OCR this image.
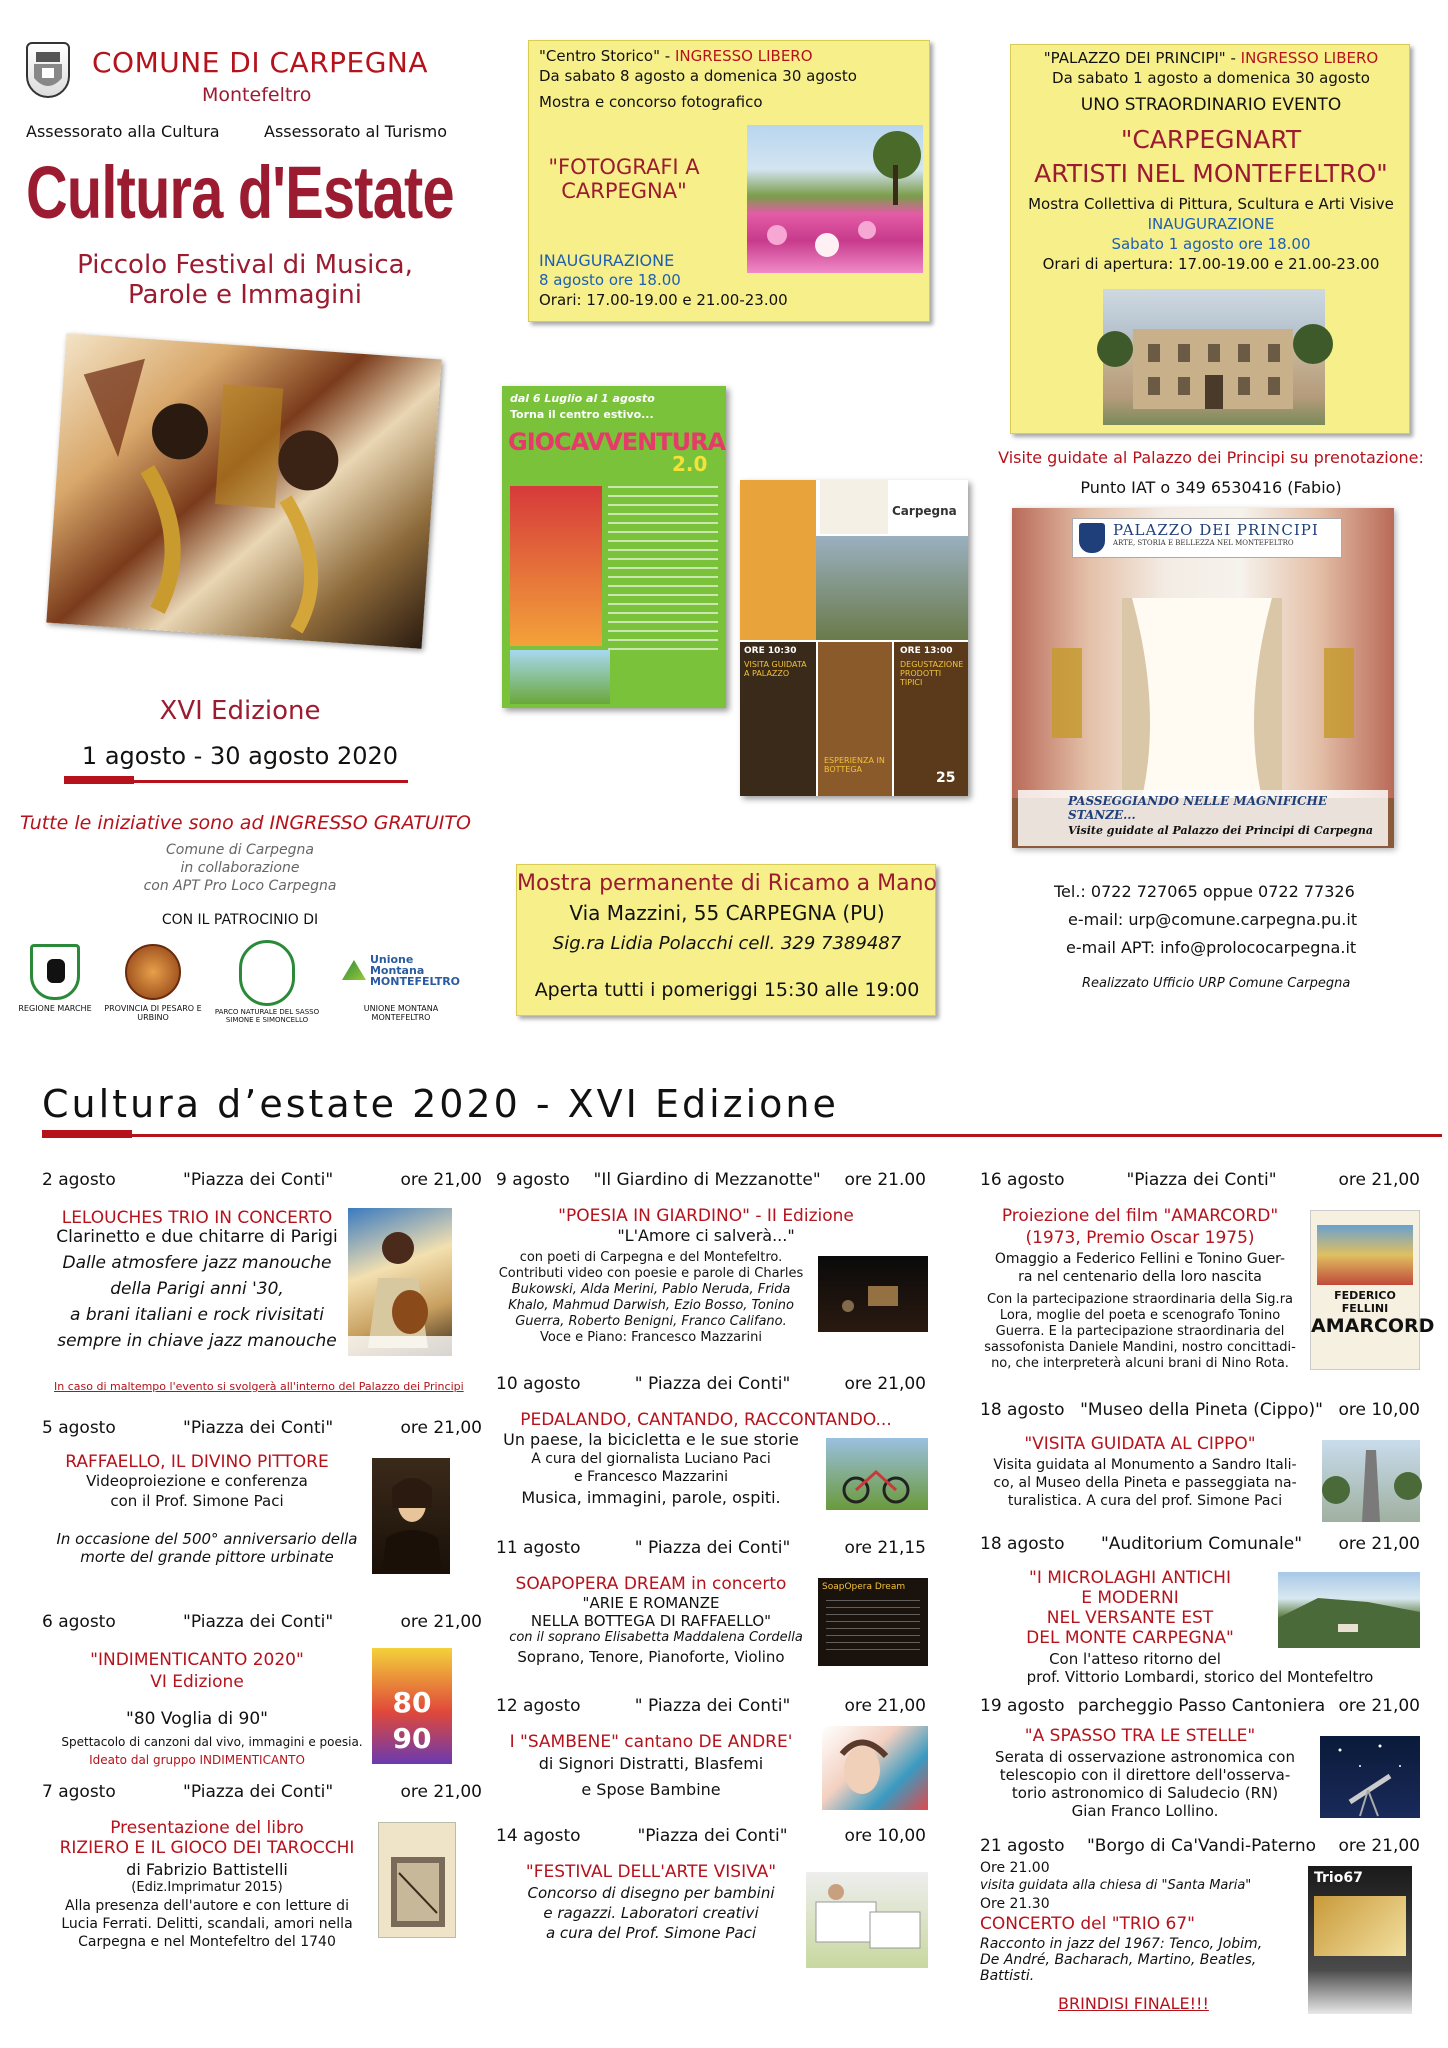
COMUNE DI CARPEGNA
Montefeltro
Assessorato alla Cultura	Assessorato al Turismo
Cultura d'Estate
Piccolo Festival di Musica,
Parole e Immagini
XVI Edizione
1 agosto - 30 agosto 2020
Tutte le iniziative sono ad INGRESSO GRATUITO
Comune di Carpegna
in collaborazione
con APT Pro Loco Carpegna
CON IL PATROCINIO DI
REGIONE MARCHE	PROVINCIA DI PESARO E URBINO
PARCO NATURALE DEL SASSO SIMONE E SIMONCELLO
Unione
Montana
MONTEFELTRO
UNIONE MONTANA MONTEFELTRO
"Centro Storico" - INGRESSO LIBERO
Da sabato 8 agosto a domenica 30 agosto
Mostra e concorso fotografico
"FOTOGRAFI A CARPEGNA"
INAUGURAZIONE
8 agosto ore 18.00
Orari: 17.00-19.00 e 21.00-23.00
"PALAZZO DEI PRINCIPI" - INGRESSO LIBERO
Da sabato 1 agosto a domenica 30 agosto
UNO STRAORDINARIO EVENTO
"CARPEGNART
ARTISTI NEL MONTEFELTRO"
Mostra Collettiva di Pittura, Scultura e Arti Visive
INAUGURAZIONE
Sabato 1 agosto ore 18.00
Orari di apertura: 17.00-19.00 e 21.00-23.00
Visite guidate al Palazzo dei Principi su prenotazione:
Punto IAT o 349 6530416 (Fabio)
PALAZZO DEI PRINCIPI
ARTE, STORIA E BELLEZZA NEL MONTEFELTRO
PASSEGGIANDO NELLE MAGNIFICHE STANZE...
Visite guidate al Palazzo dei Principi di Carpegna
dal 6 Luglio al 1 agosto
Torna il centro estivo...
GIOCAVVENTURA
2.0
Carpegna
ORE 10:30
VISITA GUIDATA A PALAZZO
ORE 13:00
DEGUSTAZIONE PRODOTTI TIPICI
ESPERIENZA IN BOTTEGA
25
Mostra permanente di Ricamo a Mano
Via Mazzini, 55 CARPEGNA (PU)
Sig.ra Lidia Polacchi cell. 329 7389487
Aperta tutti i pomeriggi 15:30 alle 19:00
Tel.: 0722 727065 oppue 0722 77326
e-mail: urp@comune.carpegna.pu.it
e-mail APT: info@prolococarpegna.it
Realizzato Ufficio URP Comune Carpegna
Cultura d’estate 2020 - XVI Edizione
2 agosto	"Piazza dei Conti"	ore 21,00
LELOUCHES TRIO IN CONCERTO
Clarinetto e due chitarre di Parigi
Dalle atmosfere jazz manouche
della Parigi anni '30,
a brani italiani e rock rivisitati
sempre in chiave jazz manouche
In caso di maltempo l'evento si svolgerà all'interno del Palazzo dei Principi
5 agosto	"Piazza dei Conti"	ore 21,00
RAFFAELLO, IL DIVINO PITTORE
Videoproiezione e conferenza
con il Prof. Simone Paci
In occasione del 500° anniversario della
morte del grande pittore urbinate
6 agosto	"Piazza dei Conti"	ore 21,00
"INDIMENTICANTO 2020"
VI Edizione
"80 Voglia di 90"
Spettacolo di canzoni dal vivo, immagini e poesia.
Ideato dal gruppo INDIMENTICANTO
80
90
7 agosto	"Piazza dei Conti"	ore 21,00
Presentazione del libro
RIZIERO E IL GIOCO DEI TAROCCHI
di Fabrizio Battistelli
(Ediz.Imprimatur 2015)
Alla presenza dell'autore e con letture di
Lucia Ferrati. Delitti, scandali, amori nella
Carpegna e nel Montefeltro del 1740
9 agosto "Il Giardino di Mezzanotte" ore 21.00
"POESIA IN GIARDINO" - II Edizione
"L'Amore ci salverà..."
con poeti di Carpegna e del Montefeltro.
Contributi video con poesie e parole di Charles
Bukowski, Alda Merini, Pablo Neruda, Frida
Khalo, Mahmud Darwish, Ezio Bosso, Tonino
Guerra, Roberto Benigni, Franco Califano.
Voce e Piano: Francesco Mazzarini
10 agosto	" Piazza dei Conti"	ore 21,00
PEDALANDO, CANTANDO, RACCONTANDO...
Un paese, la bicicletta e le sue storie
A cura del giornalista Luciano Paci
e Francesco Mazzarini
Musica, immagini, parole, ospiti.
11 agosto	" Piazza dei Conti"	ore 21,15
SOAPOPERA DREAM in concerto
"ARIE E ROMANZE
NELLA BOTTEGA DI RAFFAELLO"
con il soprano Elisabetta Maddalena Cordella
Soprano, Tenore, Pianoforte, Violino
SoapOpera Dream
12 agosto	" Piazza dei Conti"	ore 21,00
I "SAMBENE" cantano DE ANDRE'
di Signori Distratti, Blasfemi
e Spose Bambine
14 agosto	"Piazza dei Conti"	ore 10,00
"FESTIVAL DELL'ARTE VISIVA"
Concorso di disegno per bambini
e ragazzi. Laboratori creativi
a cura del Prof. Simone Paci
16 agosto	"Piazza dei Conti"	ore 21,00
Proiezione del film "AMARCORD"
(1973, Premio Oscar 1975)
Omaggio a Federico Fellini e Tonino Guer-
ra nel centenario della loro nascita
Con la partecipazione straordinaria della Sig.ra
Lora, moglie del poeta e scenografo Tonino
Guerra. E la partecipazione straordinaria del
sassofonista Daniele Mandini, nostro concittadi-
no, che interpreterà alcuni brani di Nino Rota.
FEDERICO FELLINI
AMARCORD
18 agosto "Museo della Pineta (Cippo)" ore 10,00
"VISITA GUIDATA AL CIPPO"
Visita guidata al Monumento a Sandro Itali-
co, al Museo della Pineta e passeggiata na-
turalistica. A cura del prof. Simone Paci
18 agosto "Auditorium Comunale" ore 21,00
"I MICROLAGHI ANTICHI
E MODERNI
NEL VERSANTE EST
DEL MONTE CARPEGNA"
Con l'atteso ritorno del
prof. Vittorio Lombardi, storico del Montefeltro
19 agosto parcheggio Passo Cantoniera ore 21,00
"A SPASSO TRA LE STELLE"
Serata di osservazione astronomica con
telescopio con il direttore dell'osserva-
torio astronomico di Saludecio (RN)
Gian Franco Lollino.
21 agosto "Borgo di Ca'Vandi-Paterno ore 21,00
Ore 21.00
visita guidata alla chiesa di "Santa Maria"
Ore 21.30
CONCERTO del "TRIO 67"
Racconto in jazz del 1967: Tenco, Jobim,
De André, Bacharach, Martino, Beatles,
Battisti.
BRINDISI FINALE!!!
Trio67
